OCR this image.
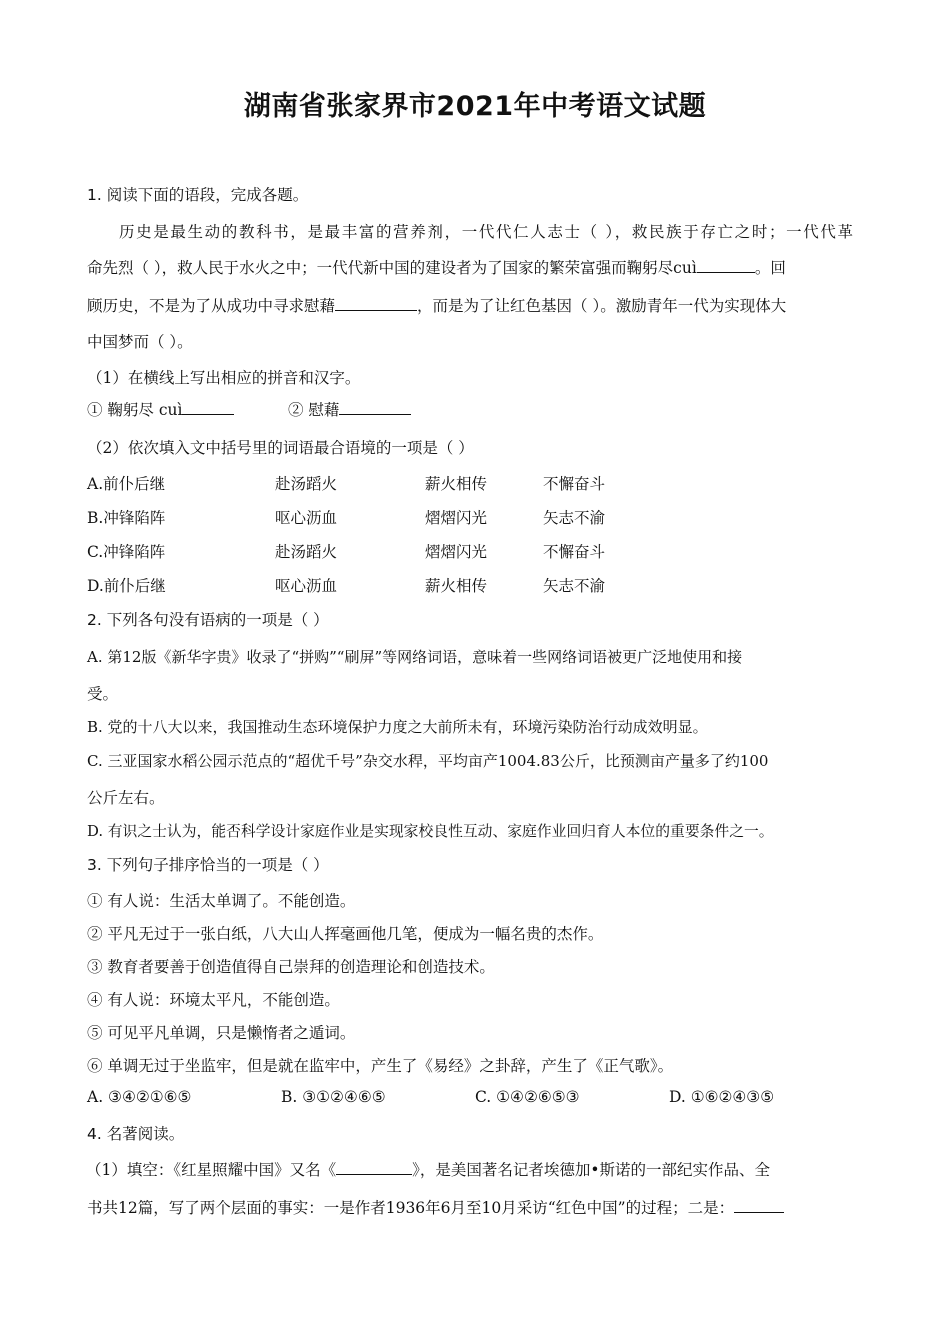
湖南省张家界市2021年中考语文试题
1. 阅读下面的语段，完成各题。
历史是最生动的教科书，是最丰富的营养剂，一代代仁人志士（ ），救民族于存亡之时；一代代革
命先烈（ ），救人民于水火之中；一代代新中国的建设者为了国家的繁荣富强而鞠躬尽cuì	。回
顾历史，不是为了从成功中寻求慰藉	，而是为了让红色基因（ ）。激励青年一代为实现体大
中国梦而（ ）。
（1）在横线上写出相应的拼音和汉字。
① 鞠躬尽 cuì	② 慰藉
（2）依次填入文中括号里的词语最合语境的一项是（ ）
A.前仆后继	赴汤蹈火	薪火相传	不懈奋斗
B.冲锋陷阵	呕心沥血	熠熠闪光	矢志不渝
C.冲锋陷阵	赴汤蹈火	熠熠闪光	不懈奋斗
D.前仆后继	呕心沥血	薪火相传	矢志不渝
2. 下列各句没有语病的一项是（ ）
A. 第12版《新华字贵》收录了“拼购”“刷屏”等网络词语，意味着一些网络词语被更广泛地使用和接
受。
B. 党的十八大以来，我国推动生态环境保护力度之大前所未有，环境污染防治行动成效明显。
C. 三亚国家水稻公园示范点的“超优千号”杂交水稈，平均亩产1004.83公斤，比预测亩产量多了约100
公斤左右。
D. 有识之士认为，能否科学设计家庭作业是实现家校良性互动、家庭作业回归育人本位的重要条件之一。
3. 下列句子排序恰当的一项是（ ）
① 有人说：生活太单调了。不能创造。
② 平凡无过于一张白纸，八大山人挥毫画他几笔，便成为一幅名贵的杰作。
③ 教育者要善于创造值得自己崇拜的创造理论和创造技术。
④ 有人说：环境太平凡，不能创造。
⑤ 可见平凡单调，只是懒惰者之遁词。
⑥ 单调无过于坐监牢，但是就在监牢中，产生了《易经》之卦辞，产生了《正气歌》。
A. ③④②①⑥⑤	B. ③①②④⑥⑤	C. ①④②⑥⑤③	D. ①⑥②④③⑤
4. 名著阅读。
（1）填空：《红星照耀中国》又名《	》，是美国著名记者埃德加•斯诺的一部纪实作品、全
书共12篇，写了两个层面的事实：一是作者1936年6月至10月采访“红色中国”的过程；二是：
